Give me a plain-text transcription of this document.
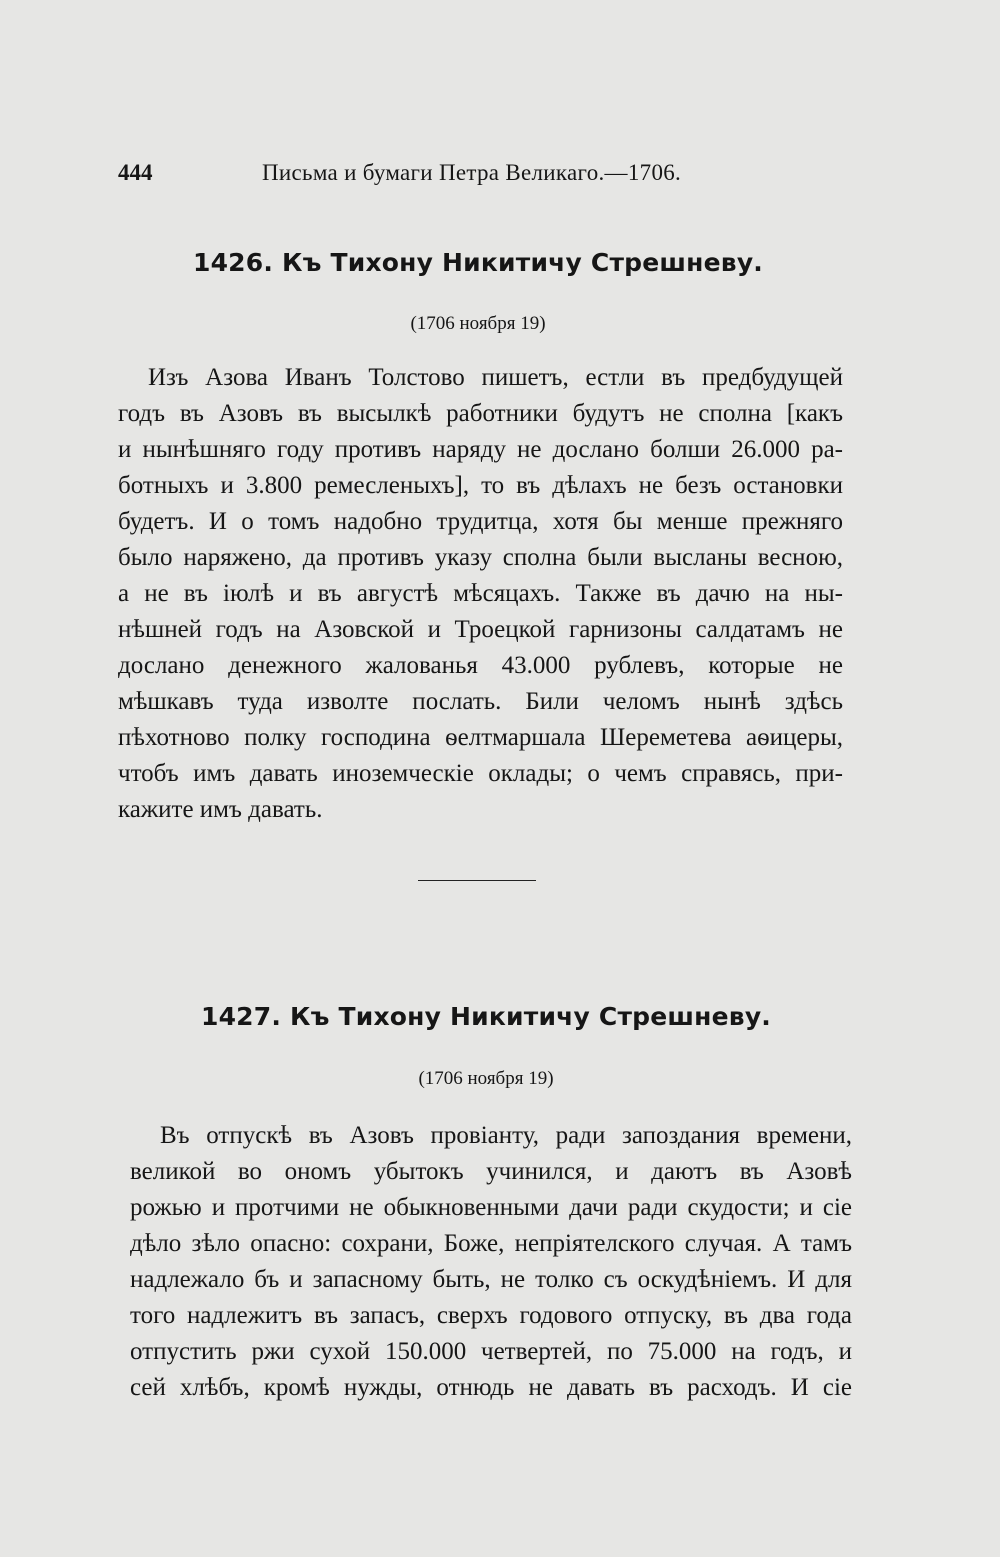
444	Письма и бумаги Петра Великаго.—1706.
1426. Къ Тихону Никитичу Стрешневу.
(1706 ноября 19)
Изъ Азова Иванъ Толстово пишетъ, естли въ предбудущей
годъ въ Азовъ въ высылкѣ работники будутъ не сполна [какъ
и нынѣшняго году противъ наряду не дослано болши 26.000 ра-
ботныхъ и 3.800 ремесленыхъ], то въ дѣлахъ не безъ остановки
будетъ. И о томъ надобно трудитца, хотя бы менше прежняго
было наряжено, да противъ указу сполна были высланы весною,
а не въ iюлѣ и въ августѣ мѣсяцахъ. Также въ дачю на ны-
нѣшней годъ на Азовской и Троецкой гарнизоны салдатамъ не
дослано денежного жалованья 43.000 рублевъ, которые не
мѣшкавъ туда изволте послать. Били челомъ нынѣ здѣсь
пѣхотново полку господина ѳелтмаршала Шереметева аѳицеры,
чтобъ имъ давать иноземческiе оклады; о чемъ справясь, при-
кажите имъ давать.
1427. Къ Тихону Никитичу Стрешневу.
(1706 ноября 19)
Въ отпускѣ въ Азовъ провiанту, ради запоздания времени,
великой во ономъ убытокъ учинился, и даютъ въ Азовѣ
рожью и протчими не обыкновенными дачи ради скудости; и сiе
дѣло зѣло опасно: сохрани, Боже, непрiятелского случая. А тамъ
надлежало бъ и запасному быть, не толко съ оскудѣнiемъ. И для
того надлежитъ въ запасъ, сверхъ годового отпуску, въ два года
отпустить ржи сухой 150.000 четвертей, по 75.000 на годъ, и
сей хлѣбъ, кромѣ нужды, отнюдь не давать въ расходъ. И сiе
